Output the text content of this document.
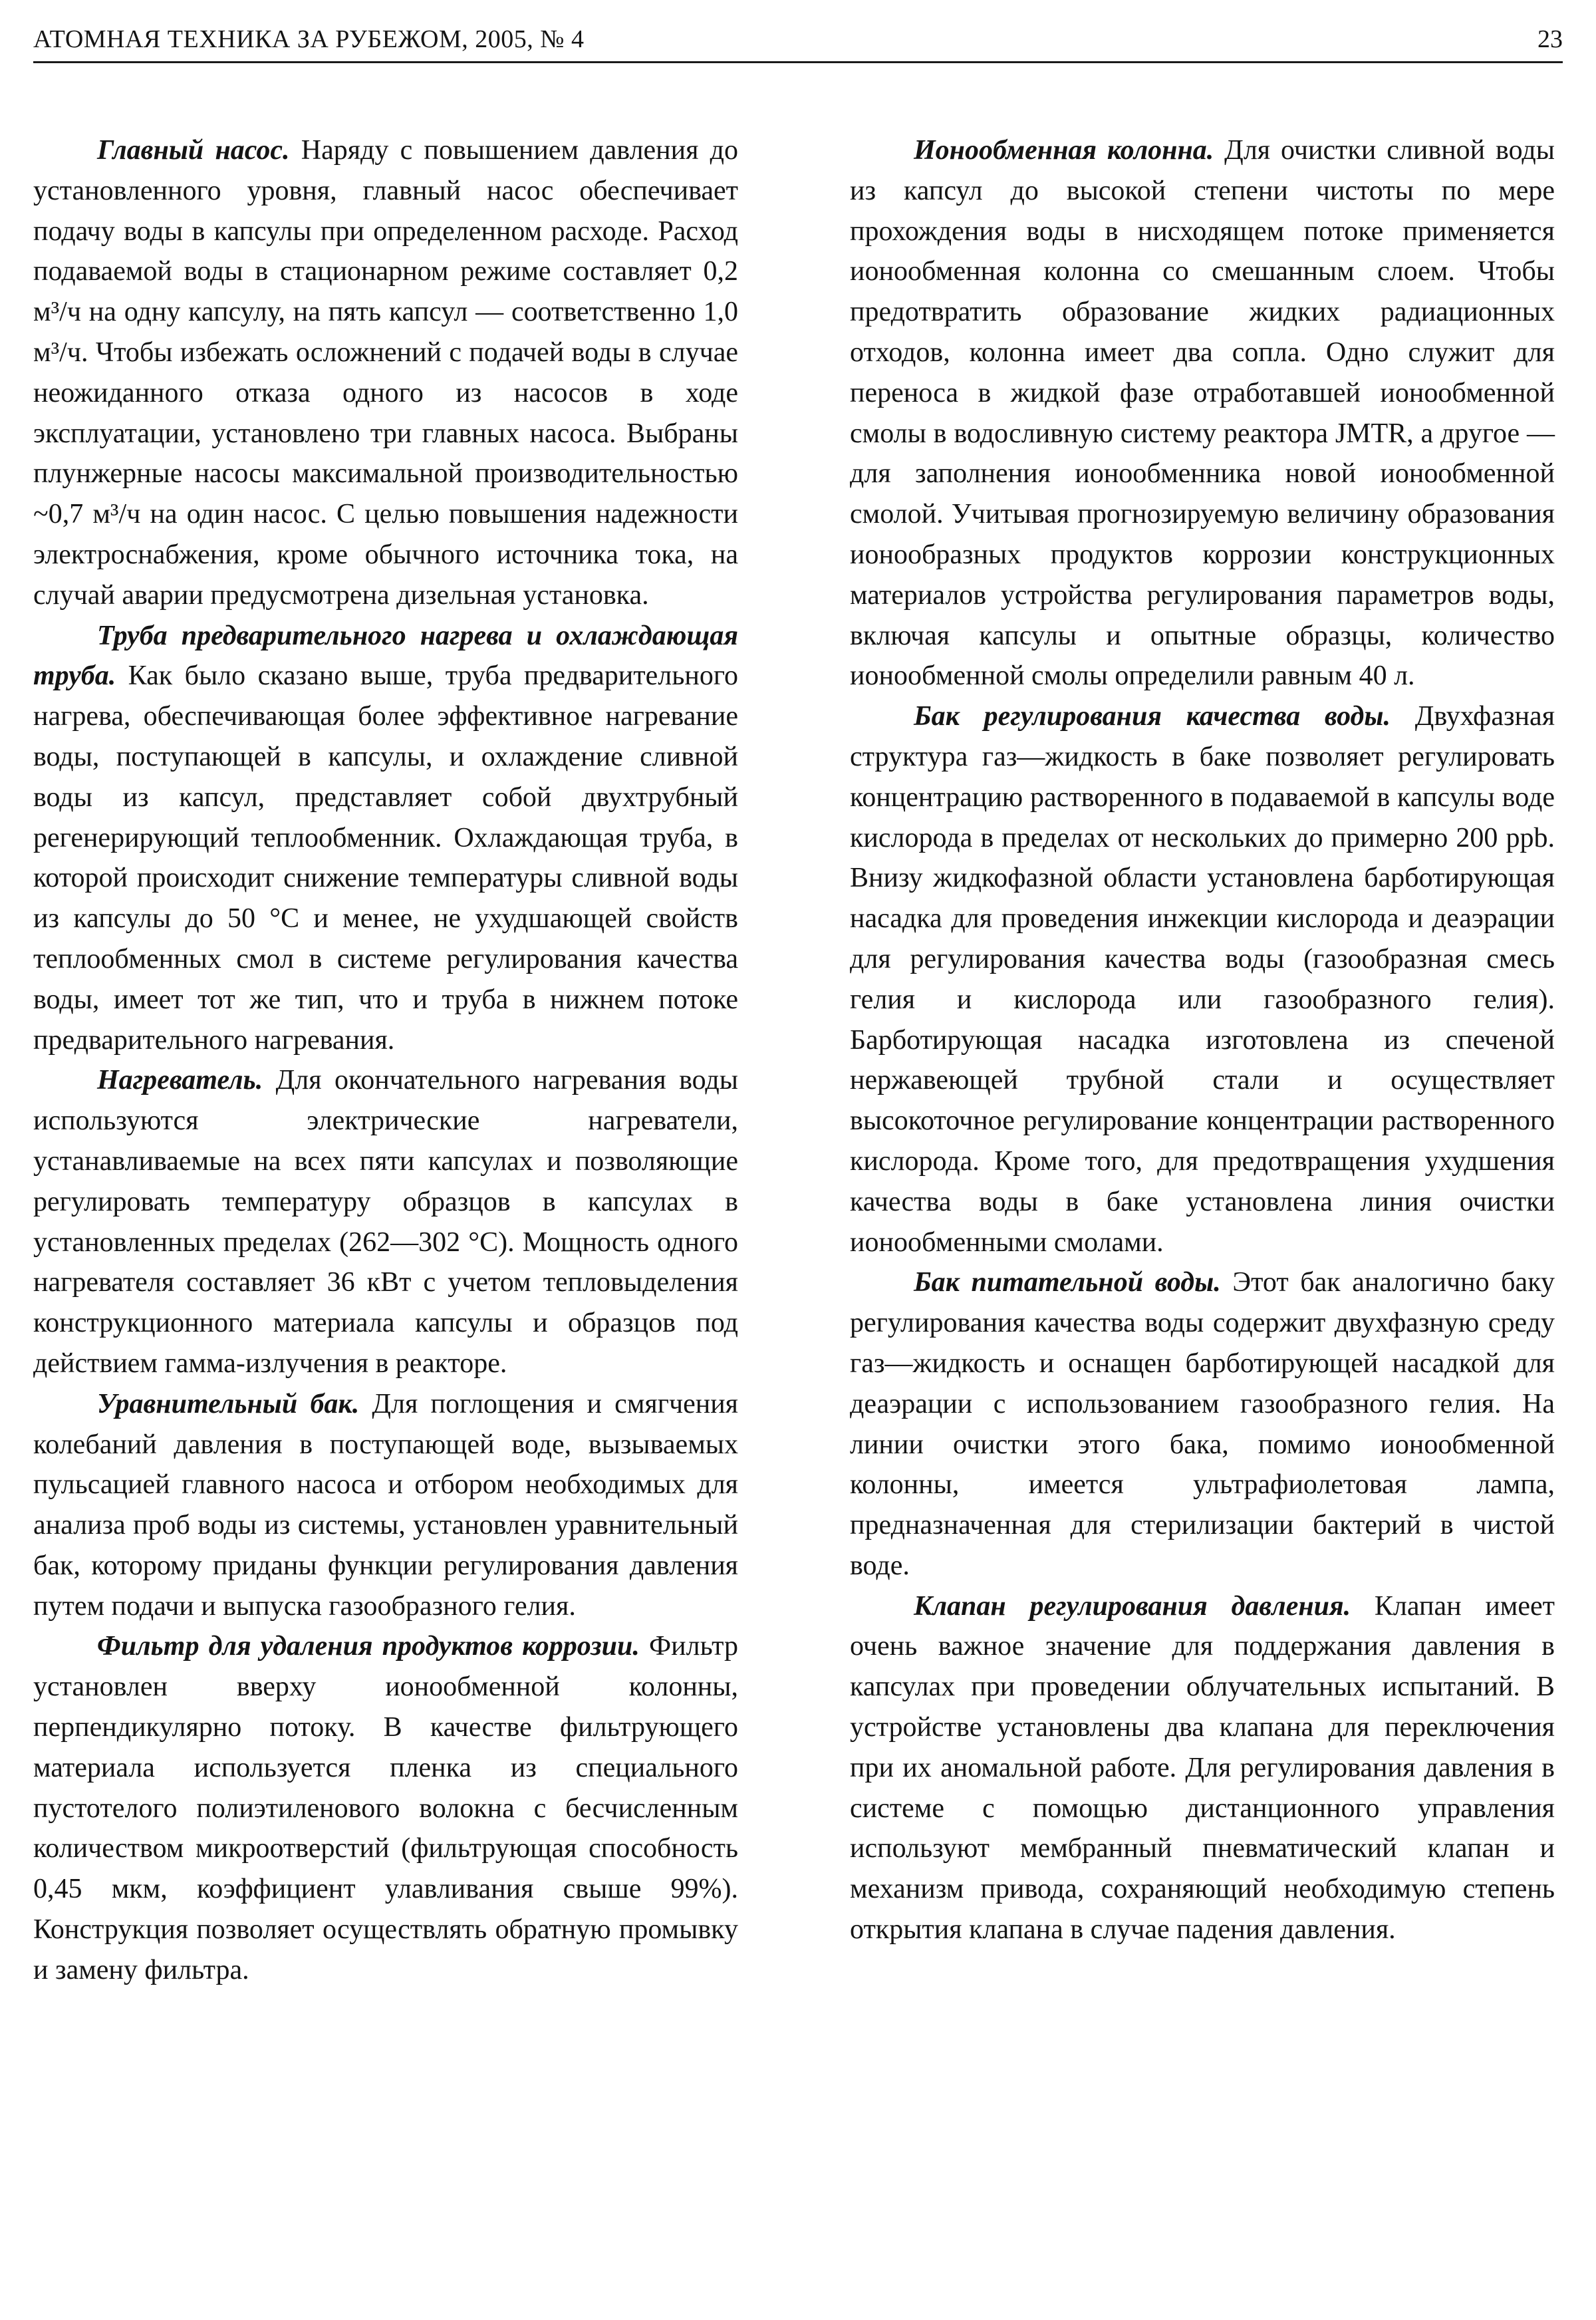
АТОМНАЯ ТЕХНИКА ЗА РУБЕЖОМ, 2005, № 4	23

Главный насос. Наряду с повышением давления до установленного уровня, главный насос обеспечивает подачу воды в капсулы при определенном расходе. Расход подаваемой воды в стационарном режиме составляет 0,2 м³/ч на одну капсулу, на пять капсул — соответственно 1,0 м³/ч. Чтобы избежать осложнений с подачей воды в случае неожиданного отказа одного из насосов в ходе эксплуатации, установлено три главных насоса. Выбраны плунжерные насосы максимальной производительностью ~0,7 м³/ч на один насос. С целью повышения надежности электроснабжения, кроме обычного источника тока, на случай аварии предусмотрена дизельная установка.

Труба предварительного нагрева и охлаждающая труба. Как было сказано выше, труба предварительного нагрева, обеспечивающая более эффективное нагревание воды, поступающей в капсулы, и охлаждение сливной воды из капсул, представляет собой двухтрубный регенерирующий теплообменник. Охлаждающая труба, в которой происходит снижение температуры сливной воды из капсулы до 50 °С и менее, не ухудшающей свойств теплообменных смол в системе регулирования качества воды, имеет тот же тип, что и труба в нижнем потоке предварительного нагревания.

Нагреватель. Для окончательного нагревания воды используются электрические нагреватели, устанавливаемые на всех пяти капсулах и позволяющие регулировать температуру образцов в капсулах в установленных пределах (262—302 °С). Мощность одного нагревателя составляет 36 кВт с учетом тепловыделения конструкционного материала капсулы и образцов под действием гамма-излучения в реакторе.

Уравнительный бак. Для поглощения и смягчения колебаний давления в поступающей воде, вызываемых пульсацией главного насоса и отбором необходимых для анализа проб воды из системы, установлен уравнительный бак, которому приданы функции регулирования давления путем подачи и выпуска газообразного гелия.

Фильтр для удаления продуктов коррозии. Фильтр установлен вверху ионообменной колонны, перпендикулярно потоку. В качестве фильтрующего материала используется пленка из специального пустотелого полиэтиленового волокна с бесчисленным количеством микроотверстий (фильтрующая способность 0,45 мкм, коэффициент улавливания свыше 99%). Конструкция позволяет осуществлять обратную промывку и замену фильтра.

Ионообменная колонна. Для очистки сливной воды из капсул до высокой степени чистоты по мере прохождения воды в нисходящем потоке применяется ионообменная колонна со смешанным слоем. Чтобы предотвратить образование жидких радиационных отходов, колонна имеет два сопла. Одно служит для переноса в жидкой фазе отработавшей ионообменной смолы в водосливную систему реактора JMTR, а другое — для заполнения ионообменника новой ионообменной смолой. Учитывая прогнозируемую величину образования ионообразных продуктов коррозии конструкционных материалов устройства регулирования параметров воды, включая капсулы и опытные образцы, количество ионообменной смолы определили равным 40 л.

Бак регулирования качества воды. Двухфазная структура газ—жидкость в баке позволяет регулировать концентрацию растворенного в подаваемой в капсулы воде кислорода в пределах от нескольких до примерно 200 ppb. Внизу жидкофазной области установлена барботирующая насадка для проведения инжекции кислорода и деаэрации для регулирования качества воды (газообразная смесь гелия и кислорода или газообразного гелия). Барботирующая насадка изготовлена из спеченой нержавеющей трубной стали и осуществляет высокоточное регулирование концентрации растворенного кислорода. Кроме того, для предотвращения ухудшения качества воды в баке установлена линия очистки ионообменными смолами.

Бак питательной воды. Этот бак аналогично баку регулирования качества воды содержит двухфазную среду газ—жидкость и оснащен барботирующей насадкой для деаэрации с использованием газообразного гелия. На линии очистки этого бака, помимо ионообменной колонны, имеется ультрафиолетовая лампа, предназначенная для стерилизации бактерий в чистой воде.

Клапан регулирования давления. Клапан имеет очень важное значение для поддержания давления в капсулах при проведении облучательных испытаний. В устройстве установлены два клапана для переключения при их аномальной работе. Для регулирования давления в системе с помощью дистанционного управления используют мембранный пневматический клапан и механизм привода, сохраняющий необходимую степень открытия клапана в случае падения давления.
